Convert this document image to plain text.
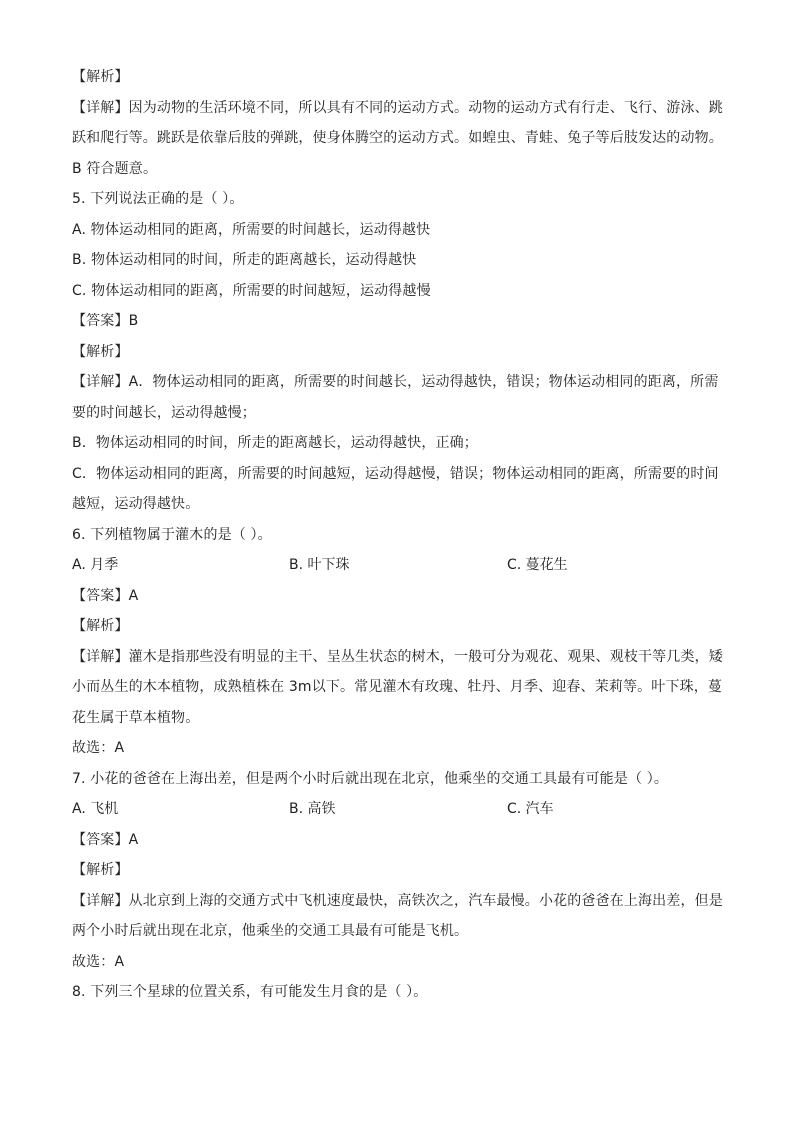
【解析】
【详解】因为动物的生活环境不同，所以具有不同的运动方式。动物的运动方式有行走、飞行、游泳、跳
跃和爬行等。跳跃是依靠后肢的弹跳，使身体腾空的运动方式。如蝗虫、青蛙、兔子等后肢发达的动物。
B 符合题意。
5. 下列说法正确的是（ ）。
A. 物体运动相同的距离，所需要的时间越长，运动得越快
B. 物体运动相同的时间，所走的距离越长，运动得越快
C. 物体运动相同的距离，所需要的时间越短，运动得越慢
【答案】B
【解析】
【详解】A．物体运动相同的距离，所需要的时间越长，运动得越快，错误；物体运动相同的距离，所需
要的时间越长，运动得越慢；
B．物体运动相同的时间，所走的距离越长，运动得越快，正确；
C．物体运动相同的距离，所需要的时间越短，运动得越慢，错误；物体运动相同的距离，所需要的时间
越短，运动得越快。
6. 下列植物属于灌木的是（ ）。
A. 月季	B. 叶下珠	C. 蔓花生
【答案】A
【解析】
【详解】灌木是指那些没有明显的主干、呈丛生状态的树木，一般可分为观花、观果、观枝干等几类，矮
小而丛生的木本植物，成熟植株在 3m以下。常见灌木有玫瑰、牡丹、月季、迎春、茉莉等。叶下珠，蔓
花生属于草本植物。
故选：A
7. 小花的爸爸在上海出差，但是两个小时后就出现在北京，他乘坐的交通工具最有可能是（ ）。
A. 飞机	B. 高铁	C. 汽车
【答案】A
【解析】
【详解】从北京到上海的交通方式中飞机速度最快，高铁次之，汽车最慢。小花的爸爸在上海出差，但是
两个小时后就出现在北京，他乘坐的交通工具最有可能是飞机。
故选：A
8. 下列三个星球的位置关系，有可能发生月食的是（ ）。
